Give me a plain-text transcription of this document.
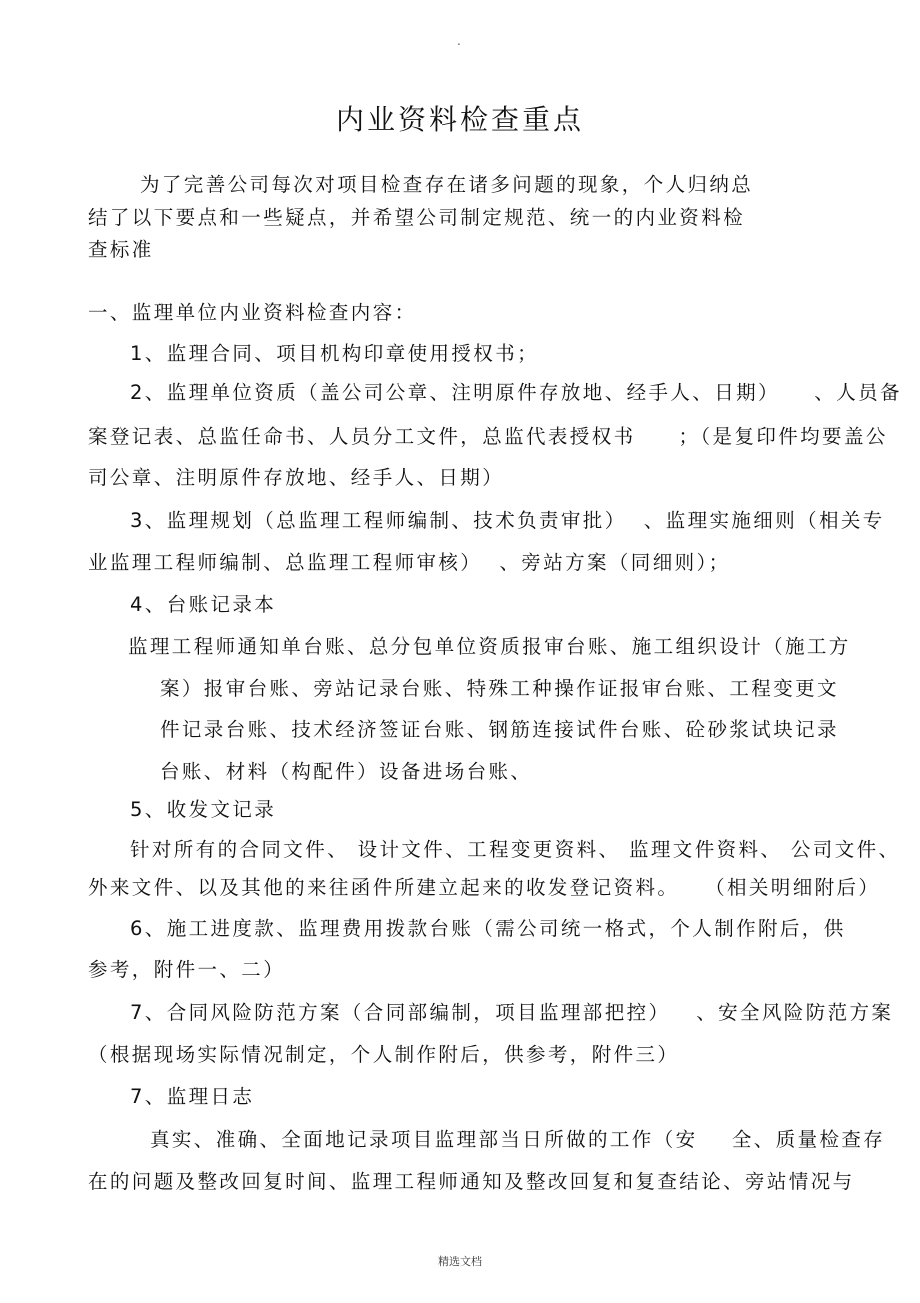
.
内业资料检查重点
为了完善公司每次对项目检查存在诸多问题的现象，个人归纳总
结了以下要点和一些疑点，并希望公司制定规范、统一的内业资料检
查标准
一、监理单位内业资料检查内容：
1、监理合同、项目机构印章使用授权书；
2、监理单位资质（盖公司公章、注明原件存放地、经手人、日期）    、人员备
案登记表、总监任命书、人员分工文件，总监代表授权书     ；（是复印件均要盖公
司公章、注明原件存放地、经手人、日期）
3、监理规划（总监理工程师编制、技术负责审批）  、监理实施细则（相关专
业监理工程师编制、总监理工程师审核）  、旁站方案（同细则）；
4、台账记录本
监理工程师通知单台账、总分包单位资质报审台账、施工组织设计（施工方
案）报审台账、旁站记录台账、特殊工种操作证报审台账、工程变更文
件记录台账、技术经济签证台账、钢筋连接试件台账、砼砂浆试块记录
台账、材料（构配件）设备进场台账、
5、收发文记录
针对所有的合同文件、 设计文件、工程变更资料、 监理文件资料、 公司文件、
外来文件、以及其他的来往函件所建立起来的收发登记资料。   （相关明细附后）
6、施工进度款、监理费用拨款台账（需公司统一格式，个人制作附后，供
参考，附件一、二）
7、合同风险防范方案（合同部编制，项目监理部把控）   、安全风险防范方案
（根据现场实际情况制定，个人制作附后，供参考，附件三）
7、监理日志
真实、准确、全面地记录项目监理部当日所做的工作（安    全、质量检查存
在的问题及整改回复时间、监理工程师通知及整改回复和复查结论、旁站情况与
精选文档
